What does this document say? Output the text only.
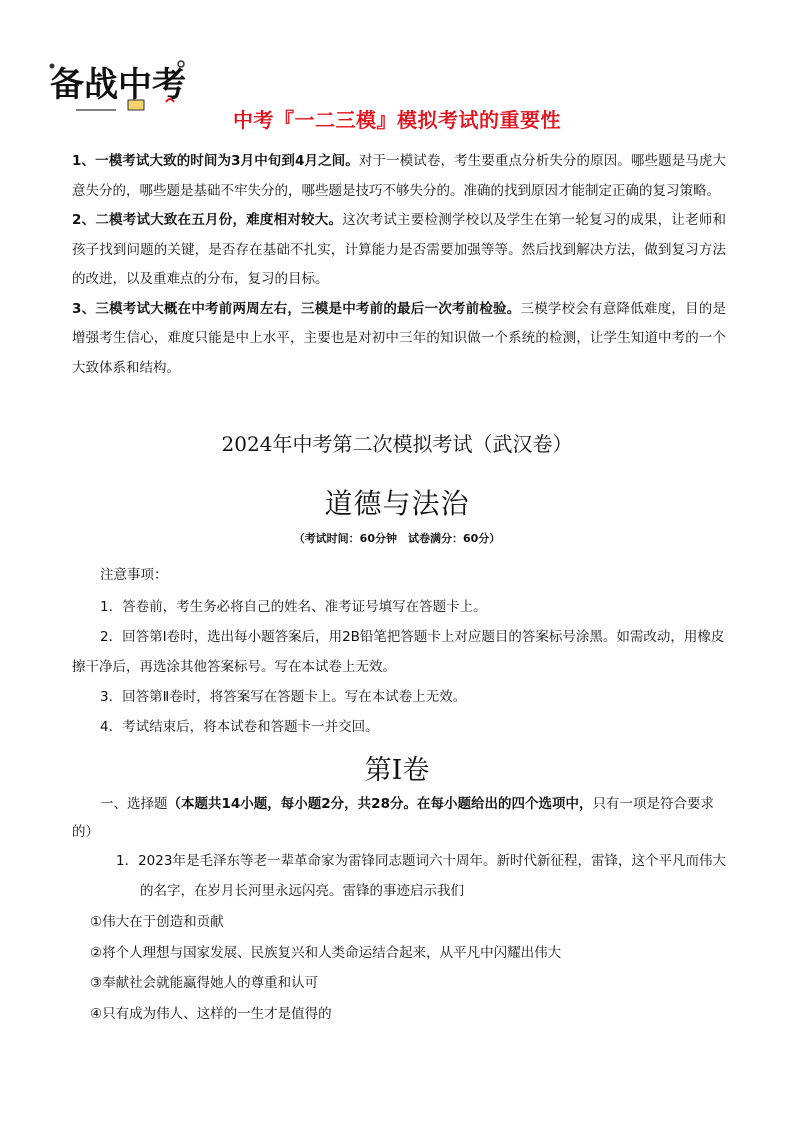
备战中考
中考『一二三模』模拟考试的重要性

1、一模考试大致的时间为3月中旬到4月之间。对于一模试卷，考生要重点分析失分的原因。哪些题是马虎大意失分的，哪些题是基础不牢失分的，哪些题是技巧不够失分的。准确的找到原因才能制定正确的复习策略。

2、二模考试大致在五月份，难度相对较大。这次考试主要检测学校以及学生在第一轮复习的成果，让老师和孩子找到问题的关键，是否存在基础不扎实，计算能力是否需要加强等等。然后找到解决方法，做到复习方法的改进，以及重难点的分布，复习的目标。

3、三模考试大概在中考前两周左右，三模是中考前的最后一次考前检验。三模学校会有意降低难度，目的是增强考生信心，难度只能是中上水平，主要也是对初中三年的知识做一个系统的检测，让学生知道中考的一个大致体系和结构。

2024年中考第二次模拟考试（武汉卷）
道德与法治
（考试时间：60分钟　试卷满分：60分）
注意事项：

1．答卷前，考生务必将自己的姓名、准考证号填写在答题卡上。

2．回答第Ⅰ卷时，选出每小题答案后，用2B铅笔把答题卡上对应题目的答案标号涂黑。如需改动，用橡皮擦干净后，再选涂其他答案标号。写在本试卷上无效。

3．回答第Ⅱ卷时，将答案写在答题卡上。写在本试卷上无效。

4．考试结束后，将本试卷和答题卡一并交回。

第Ⅰ卷

一、选择题（本题共14小题，每小题2分，共28分。在每小题给出的四个选项中，只有一项是符合要求的）

1．2023年是毛泽东等老一辈革命家为雷锋同志题词六十周年。新时代新征程，雷锋，这个平凡而伟大的名字，在岁月长河里永远闪亮。雷锋的事迹启示我们

①伟大在于创造和贡献
②将个人理想与国家发展、民族复兴和人类命运结合起来，从平凡中闪耀出伟大
③奉献社会就能赢得她人的尊重和认可
④只有成为伟人、这样的一生才是值得的
